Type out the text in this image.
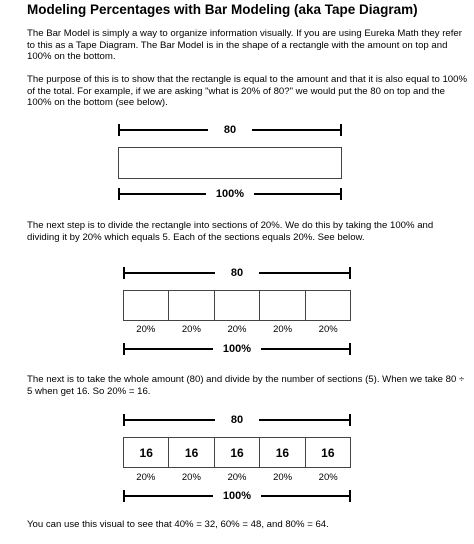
Modeling Percentages with Bar Modeling (aka Tape Diagram)

The Bar Model is simply a way to organize information visually. If you are using Eureka Math they refer to this as a Tape Diagram. The Bar Model is in the shape of a rectangle with the amount on top and 100% on the bottom.

The purpose of this is to show that the rectangle is equal to the amount and that it is also equal to 100% of the total. For example, if we are asking "what is 20% of 80?" we would put the 80 on top and the 100% on the bottom (see below).

80
100%

The next step is to divide the rectangle into sections of 20%. We do this by taking the 100% and dividing it by 20% which equals 5. Each of the sections equals 20%. See below.

80
20%	20%	20%	20%	20%
100%

The next is to take the whole amount (80) and divide by the number of sections (5). When we take 80 ÷ 5 when get 16. So 20% = 16.

80
16	16	16	16	16
20%	20%	20%	20%	20%
100%

You can use this visual to see that 40% = 32, 60% = 48, and 80% = 64.
